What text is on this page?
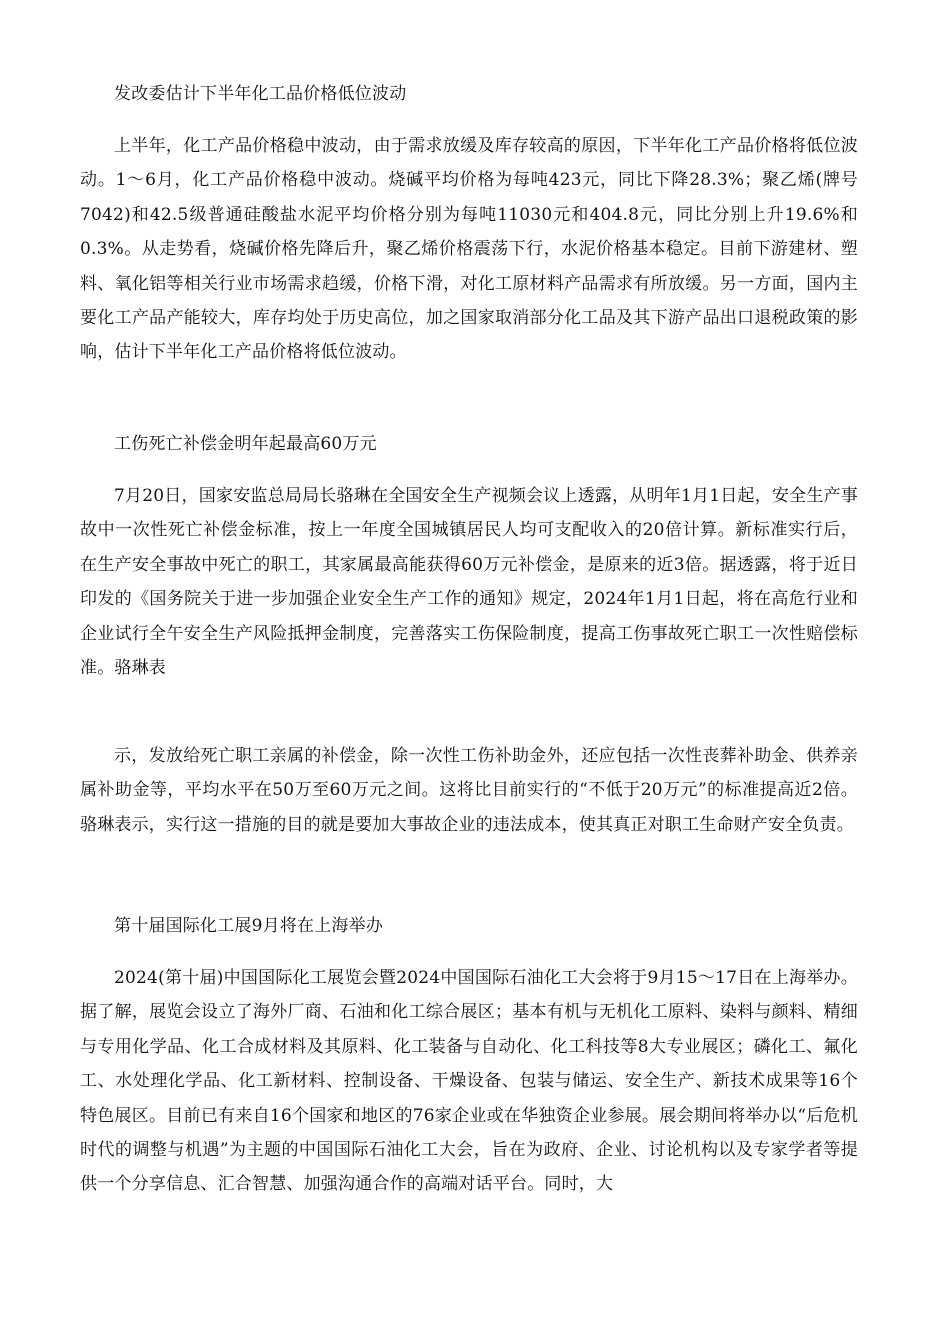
发改委估计下半年化工品价格低位波动

上半年，化工产品价格稳中波动，由于需求放缓及库存较高的原因，下半年化工产品价格将低位波动。1～6月，化工产品价格稳中波动。烧碱平均价格为每吨423元，同比下降28.3%；聚乙烯(牌号7042)和42.5级普通硅酸盐水泥平均价格分别为每吨11030元和404.8元，同比分别上升19.6%和0.3%。从走势看，烧碱价格先降后升，聚乙烯价格震荡下行，水泥价格基本稳定。目前下游建材、塑料、氧化铝等相关行业市场需求趋缓，价格下滑，对化工原材料产品需求有所放缓。另一方面，国内主要化工产品产能较大，库存均处于历史高位，加之国家取消部分化工品及其下游产品出口退税政策的影响，估计下半年化工产品价格将低位波动。

工伤死亡补偿金明年起最高60万元

7月20日，国家安监总局局长骆琳在全国安全生产视频会议上透露，从明年1月1日起，安全生产事故中一次性死亡补偿金标准，按上一年度全国城镇居民人均可支配收入的20倍计算。新标准实行后，在生产安全事故中死亡的职工，其家属最高能获得60万元补偿金，是原来的近3倍。据透露，将于近日印发的《国务院关于进一步加强企业安全生产工作的通知》规定，2024年1月1日起，将在高危行业和企业试行全午安全生产风险抵押金制度，完善落实工伤保险制度，提高工伤事故死亡职工一次性赔偿标准。骆琳表

示，发放给死亡职工亲属的补偿金，除一次性工伤补助金外，还应包括一次性丧葬补助金、供养亲属补助金等，平均水平在50万至60万元之间。这将比目前实行的“不低于20万元”的标准提高近2倍。骆琳表示，实行这一措施的目的就是要加大事故企业的违法成本，使其真正对职工生命财产安全负责。

第十届国际化工展9月将在上海举办

2024(第十届)中国国际化工展览会暨2024中国国际石油化工大会将于9月15～17日在上海举办。据了解，展览会设立了海外厂商、石油和化工综合展区；基本有机与无机化工原料、染料与颜料、精细与专用化学品、化工合成材料及其原料、化工装备与自动化、化工科技等8大专业展区；磷化工、氟化工、水处理化学品、化工新材料、控制设备、干燥设备、包装与储运、安全生产、新技术成果等16个特色展区。目前已有来自16个国家和地区的76家企业或在华独资企业参展。展会期间将举办以“后危机时代的调整与机遇”为主题的中国国际石油化工大会，旨在为政府、企业、讨论机构以及专家学者等提供一个分享信息、汇合智慧、加强沟通合作的高端对话平台。同时，大
